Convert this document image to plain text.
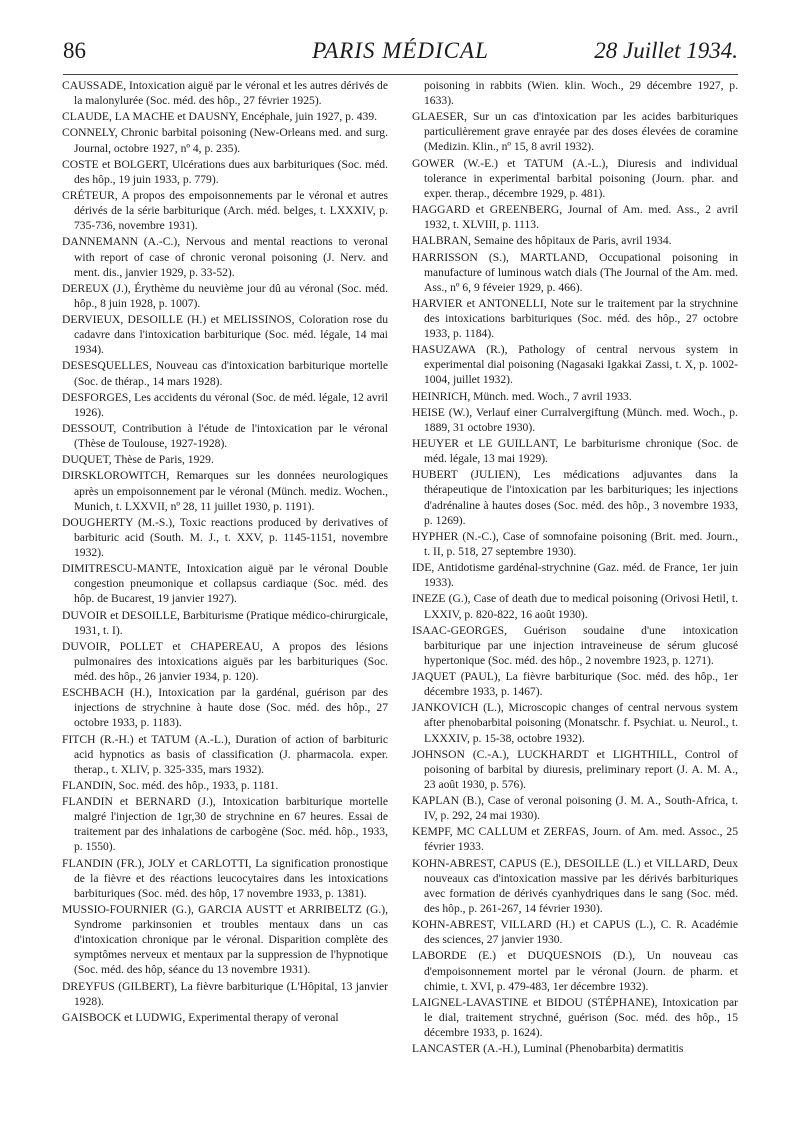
86	PARIS MÉDICAL	28 Juillet 1934.

CAUSSADE, Intoxication aiguë par le véronal et les autres dérivés de la malonylurée (Soc. méd. des hôp., 27 février 1925).

CLAUDE, LA MACHE et DAUSNY, Encéphale, juin 1927, p. 439.

CONNELY, Chronic barbital poisoning (New-Orleans med. and surg. Journal, octobre 1927, nº 4, p. 235).

COSTE et BOLGERT, Ulcérations dues aux barbituriques (Soc. méd. des hôp., 19 juin 1933, p. 779).

CRÉTEUR, A propos des empoisonnements par le véronal et autres dérivés de la série barbiturique (Arch. méd. belges, t. LXXXIV, p. 735-736, novembre 1931).

DANNEMANN (A.-C.), Nervous and mental reactions to veronal with report of case of chronic veronal poisoning (J. Nerv. and ment. dis., janvier 1929, p. 33-52).

DEREUX (J.), Érythème du neuvième jour dû au véronal (Soc. méd. hôp., 8 juin 1928, p. 1007).

DERVIEUX, DESOILLE (H.) et MELISSINOS, Coloration rose du cadavre dans l'intoxication barbiturique (Soc. méd. légale, 14 mai 1934).

DESESQUELLES, Nouveau cas d'intoxication barbiturique mortelle (Soc. de thérap., 14 mars 1928).

DESFORGES, Les accidents du véronal (Soc. de méd. légale, 12 avril 1926).

DESSOUT, Contribution à l'étude de l'intoxication par le véronal (Thèse de Toulouse, 1927-1928).

DUQUET, Thèse de Paris, 1929.

DIRSKLOROWITCH, Remarques sur les données neurologiques après un empoisonnement par le véronal (Münch. mediz. Wochen., Munich, t. LXXVII, nº 28, 11 juillet 1930, p. 1191).

DOUGHERTY (M.-S.), Toxic reactions produced by derivatives of barbituric acid (South. M. J., t. XXV, p. 1145-1151, novembre 1932).

DIMITRESCU-MANTE, Intoxication aiguë par le véronal Double congestion pneumonique et collapsus cardiaque (Soc. méd. des hôp. de Bucarest, 19 janvier 1927).

DUVOIR et DESOILLE, Barbiturisme (Pratique médico-chirurgicale, 1931, t. I).

DUVOIR, POLLET et CHAPEREAU, A propos des lésions pulmonaires des intoxications aiguës par les barbituriques (Soc. méd. des hôp., 26 janvier 1934, p. 120).

ESCHBACH (H.), Intoxication par la gardénal, guérison par des injections de strychnine à haute dose (Soc. méd. des hôp., 27 octobre 1933, p. 1183).

FITCH (R.-H.) et TATUM (A.-L.), Duration of action of barbituric acid hypnotics as basis of classification (J. pharmacola. exper. therap., t. XLIV, p. 325-335, mars 1932).

FLANDIN, Soc. méd. des hôp., 1933, p. 1181.

FLANDIN et BERNARD (J.), Intoxication barbiturique mortelle malgré l'injection de 1gr,30 de strychnine en 67 heures. Essai de traitement par des inhalations de carbogène (Soc. méd. hôp., 1933, p. 1550).

FLANDIN (FR.), JOLY et CARLOTTI, La signification pronostique de la fièvre et des réactions leucocytaires dans les intoxications barbituriques (Soc. méd. des hôp, 17 novembre 1933, p. 1381).

MUSSIO-FOURNIER (G.), GARCIA AUSTT et ARRIBELTZ (G.), Syndrome parkinsonien et troubles mentaux dans un cas d'intoxication chronique par le véronal. Disparition complète des symptômes nerveux et mentaux par la suppression de l'hypnotique (Soc. méd. des hôp, séance du 13 novembre 1931).

DREYFUS (GILBERT), La fièvre barbiturique (L'Hôpital, 13 janvier 1928).

GAISBOCK et LUDWIG, Experimental therapy of veronal

poisoning in rabbits (Wien. klin. Woch., 29 décembre 1927, p. 1633).

GLAESER, Sur un cas d'intoxication par les acides barbituriques particulièrement grave enrayée par des doses élevées de coramine (Medizin. Klin., nº 15, 8 avril 1932).

GOWER (W.-E.) et TATUM (A.-L.), Diuresis and individual tolerance in experimental barbital poisoning (Journ. phar. and exper. therap., décembre 1929, p. 481).

HAGGARD et GREENBERG, Journal of Am. med. Ass., 2 avril 1932, t. XLVIII, p. 1113.

HALBRAN, Semaine des hôpitaux de Paris, avril 1934.

HARRISSON (S.), MARTLAND, Occupational poisoning in manufacture of luminous watch dials (The Journal of the Am. med. Ass., nº 6, 9 féveier 1929, p. 466).

HARVIER et ANTONELLI, Note sur le traitement par la strychnine des intoxications barbituriques (Soc. méd. des hôp., 27 octobre 1933, p. 1184).

HASUZAWA (R.), Pathology of central nervous system in experimental dial poisoning (Nagasaki Igakkai Zassi, t. X, p. 1002-1004, juillet 1932).

HEINRICH, Münch. med. Woch., 7 avril 1933.

HEISE (W.), Verlauf einer Curralvergiftung (Münch. med. Woch., p. 1889, 31 octobre 1930).

HEUYER et LE GUILLANT, Le barbiturisme chronique (Soc. de méd. légale, 13 mai 1929).

HUBERT (JULIEN), Les médications adjuvantes dans la thérapeutique de l'intoxication par les barbituriques; les injections d'adrénaline à hautes doses (Soc. méd. des hôp., 3 novembre 1933, p. 1269).

HYPHER (N.-C.), Case of somnofaine poisoning (Brit. med. Journ., t. II, p. 518, 27 septembre 1930).

IDE, Antidotisme gardénal-strychnine (Gaz. méd. de France, 1er juin 1933).

INEZE (G.), Case of death due to medical poisoning (Orivosi Hetil, t. LXXIV, p. 820-822, 16 août 1930).

ISAAC-GEORGES, Guérison soudaine d'une intoxication barbiturique par une injection intraveineuse de sérum glucosé hypertonique (Soc. méd. des hôp., 2 novembre 1923, p. 1271).

JAQUET (PAUL), La fièvre barbiturique (Soc. méd. des hôp., 1er décembre 1933, p. 1467).

JANKOVICH (L.), Microscopic changes of central nervous system after phenobarbital poisoning (Monatschr. f. Psychiat. u. Neurol., t. LXXXIV, p. 15-38, octobre 1932).

JOHNSON (C.-A.), LUCKHARDT et LIGHTHILL, Control of poisoning of barbital by diuresis, preliminary report (J. A. M. A., 23 août 1930, p. 576).

KAPLAN (B.), Case of veronal poisoning (J. M. A., South-Africa, t. IV, p. 292, 24 mai 1930).

KEMPF, MC CALLUM et ZERFAS, Journ. of Am. med. Assoc., 25 février 1933.

KOHN-ABREST, CAPUS (E.), DESOILLE (L.) et VILLARD, Deux nouveaux cas d'intoxication massive par les dérivés barbituriques avec formation de dérivés cyanhydriques dans le sang (Soc. méd. des hôp., p. 261-267, 14 février 1930).

KOHN-ABREST, VILLARD (H.) et CAPUS (L.), C. R. Académie des sciences, 27 janvier 1930.

LABORDE (E.) et DUQUESNOIS (D.), Un nouveau cas d'empoisonnement mortel par le véronal (Journ. de pharm. et chimie, t. XVI, p. 479-483, 1er décembre 1932).

LAIGNEL-LAVASTINE et BIDOU (STÉPHANE), Intoxication par le dial, traitement strychné, guérison (Soc. méd. des hôp., 15 décembre 1933, p. 1624).

LANCASTER (A.-H.), Luminal (Phenobarbita) dermatitis
